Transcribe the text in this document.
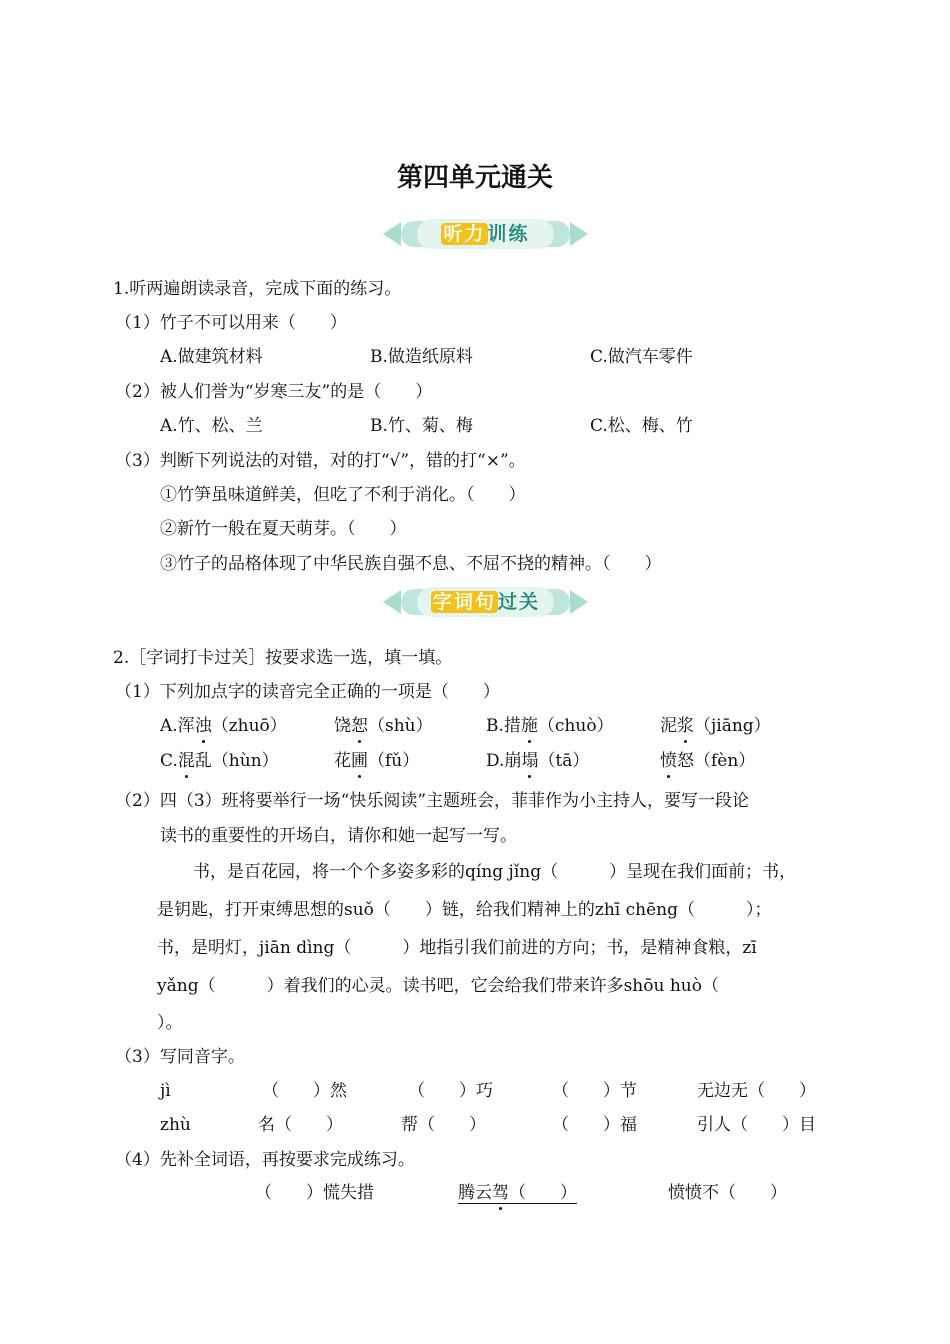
第四单元通关
听力 训练
1.听两遍朗读录音，完成下面的练习。
（1）竹子不可以用来（　　）
A.做建筑材料	B.做造纸原料	C.做汽车零件
（2）被人们誉为“岁寒三友”的是（　　）
A.竹、松、兰	B.竹、菊、梅	C.松、梅、竹
（3）判断下列说法的对错，对的打“√”，错的打“×”。
①竹笋虽味道鲜美，但吃了不利于消化。（　　）
②新竹一般在夏天萌芽。（　　）
③竹子的品格体现了中华民族自强不息、不屈不挠的精神。（　　）
字词句 过关
2.［字词打卡过关］按要求选一选，填一填。
（1）下列加点字的读音完全正确的一项是（　　）
A.浑浊（zhuō）	饶恕（shù）	B.措施（chuò）	泥浆（jiāng）
C.混乱（hùn）	花圃（fǔ）	D.崩塌（tā）	愤怒（fèn）
（2）四（3）班将要举行一场“快乐阅读”主题班会，菲菲作为小主持人，要写一段论
读书的重要性的开场白，请你和她一起写一写。
书，是百花园，将一个个多姿多彩的qíng jǐng（　　　）呈现在我们面前；书，
是钥匙，打开束缚思想的suǒ（　　）链，给我们精神上的zhī chēng（　　　）；
书，是明灯，jiān dìng（　　　）地指引我们前进的方向；书，是精神食粮，zī
yǎng（　　　）着我们的心灵。读书吧，它会给我们带来许多shōu huò（
）。
（3）写同音字。
jì	（　　）然	（　　）巧	（　　）节	无边无（　　）
zhù	名（　　）	帮（　　）	（　　）福	引人（　　）目
（4）先补全词语，再按要求完成练习。
（　　）慌失措	腾云驾（　　）	愤愤不（　　）
